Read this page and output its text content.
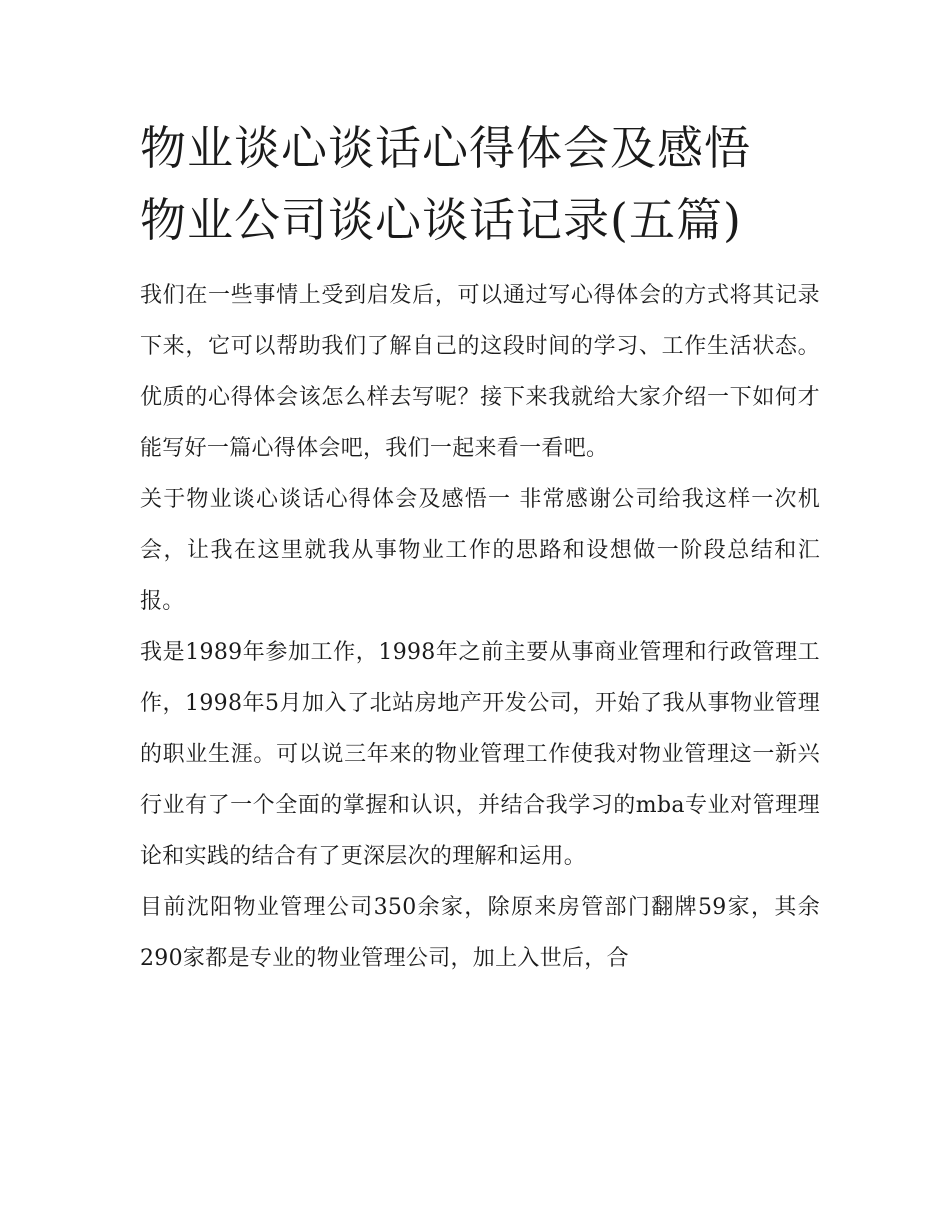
物业谈心谈话心得体会及感悟
物业公司谈心谈话记录(五篇)

我们在一些事情上受到启发后，可以通过写心得体会的方式将其记录下来，它可以帮助我们了解自己的这段时间的学习、工作生活状态。优质的心得体会该怎么样去写呢？接下来我就给大家介绍一下如何才能写好一篇心得体会吧，我们一起来看一看吧。

关于物业谈心谈话心得体会及感悟一 非常感谢公司给我这样一次机会，让我在这里就我从事物业工作的思路和设想做一阶段总结和汇报。

我是1989年参加工作，1998年之前主要从事商业管理和行政管理工作，1998年5月加入了北站房地产开发公司，开始了我从事物业管理的职业生涯。可以说三年来的物业管理工作使我对物业管理这一新兴行业有了一个全面的掌握和认识，并结合我学习的mba专业对管理理论和实践的结合有了更深层次的理解和运用。

目前沈阳物业管理公司350余家，除原来房管部门翻牌59家，其余290家都是专业的物业管理公司，加上入世后，合
